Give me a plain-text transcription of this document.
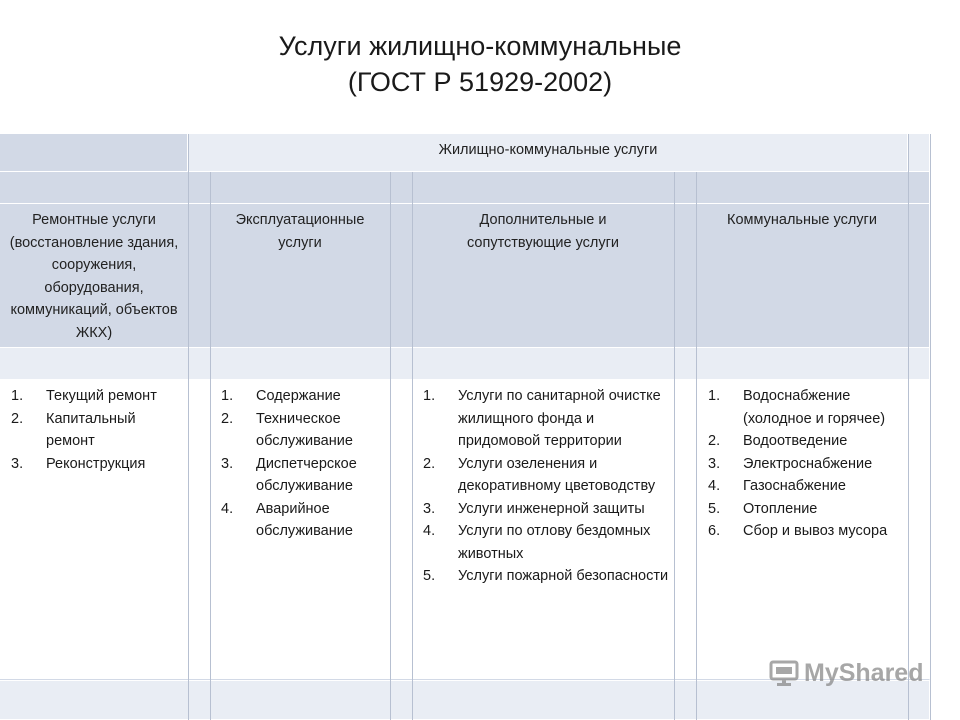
Услуги жилищно-коммунальные
(ГОСТ Р 51929-2002)
Жилищно-коммунальные услуги
Ремонтные услуги (восстановление здания, сооружения, оборудования, коммуникаций, объектов ЖКХ)
Эксплуатационные услуги
Дополнительные и сопутствующие услуги
Коммунальные услуги
1. Текущий ремонт
2. Капитальный ремонт
3. Реконструкция
1. Содержание
2. Техническое обслуживание
3. Диспетчерское обслуживание
4. Аварийное обслуживание
1. Услуги по санитарной очистке жилищного фонда и придомовой территории
2. Услуги озеленения и декоративному цветоводству
3. Услуги инженерной защиты
4. Услуги по отлову бездомных животных
5. Услуги пожарной безопасности
1. Водоснабжение (холодное и горячее)
2. Водоотведение
3. Электроснабжение
4. Газоснабжение
5. Отопление
6. Сбор и вывоз мусора
MyShared
